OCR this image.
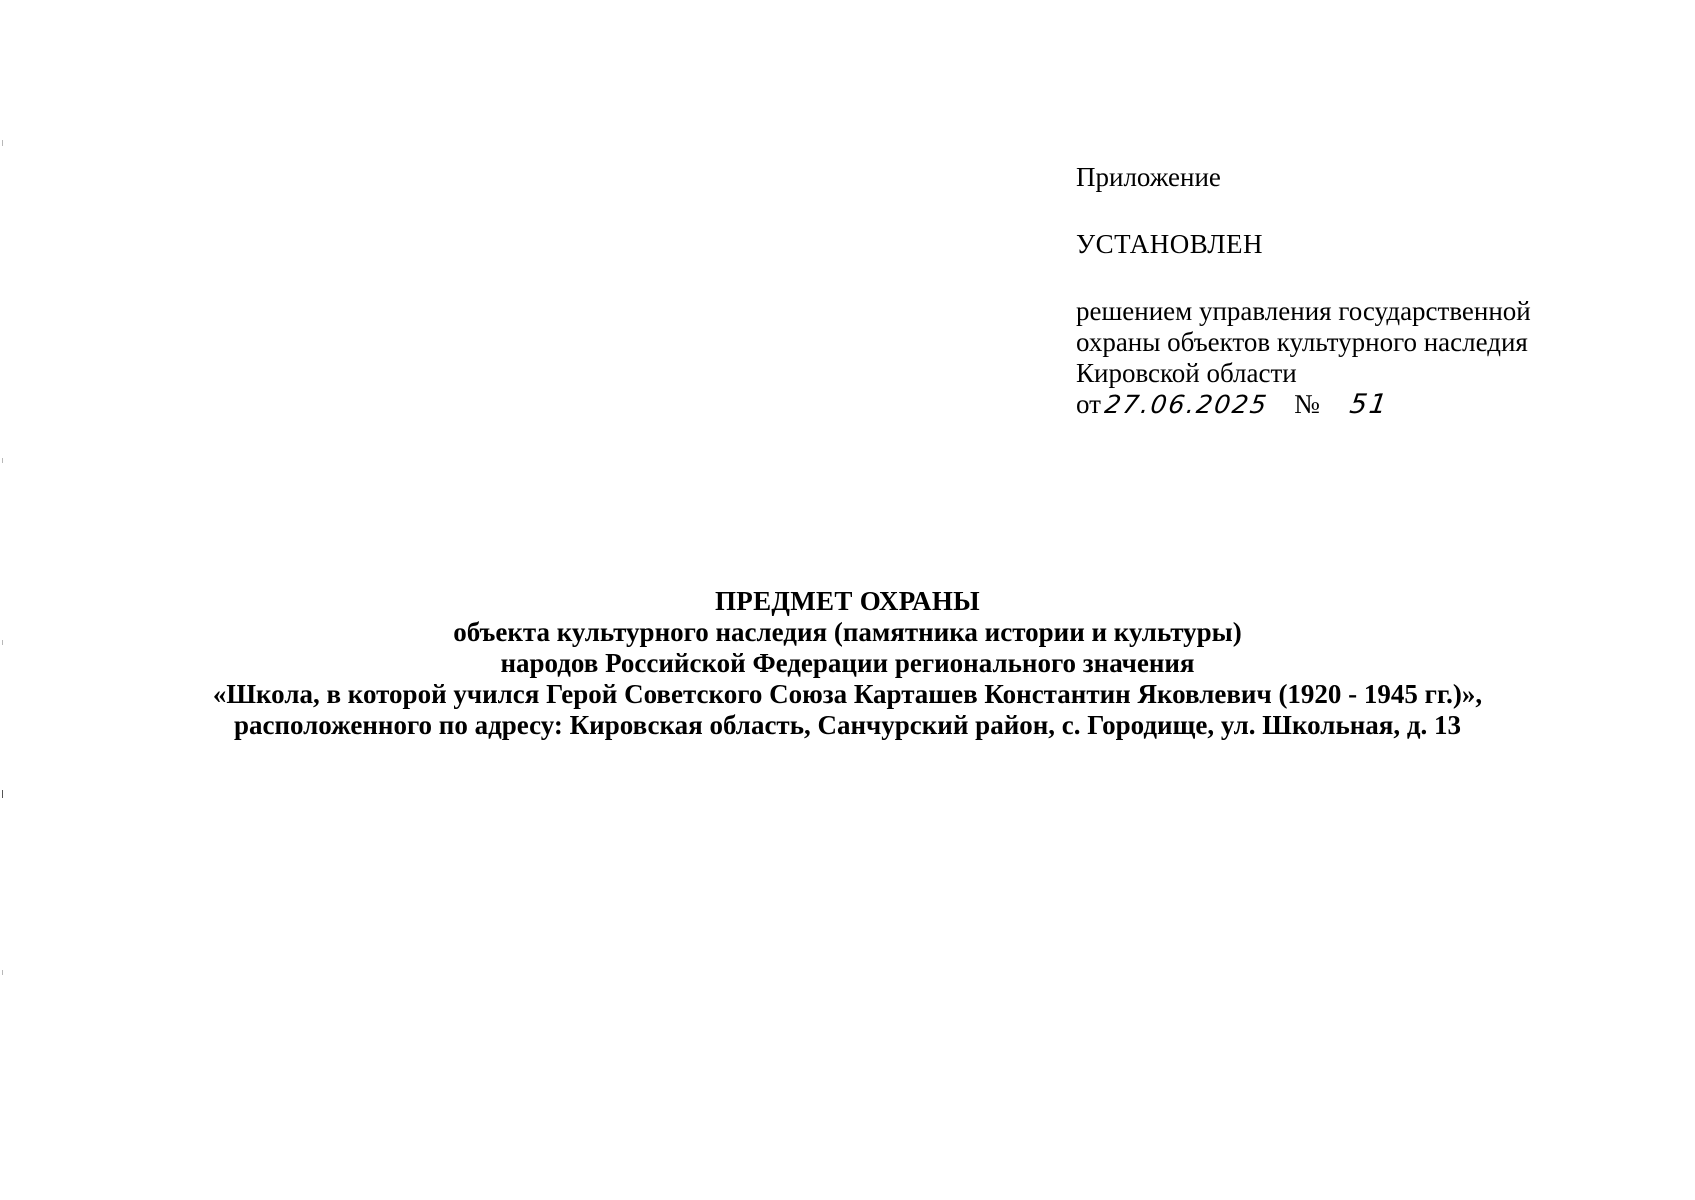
Приложение
УСТАНОВЛЕН
решением управления государственной
охраны объектов культурного наследия
Кировской области
от27.06.2025 № 51
ПРЕДМЕТ ОХРАНЫ
объекта культурного наследия (памятника истории и культуры)
народов Российской Федерации регионального значения
«Школа, в которой учился Герой Советского Союза Карташев Константин Яковлевич (1920 - 1945 гг.)»,
расположенного по адресу: Кировская область, Санчурский район, с. Городище, ул. Школьная, д. 13
